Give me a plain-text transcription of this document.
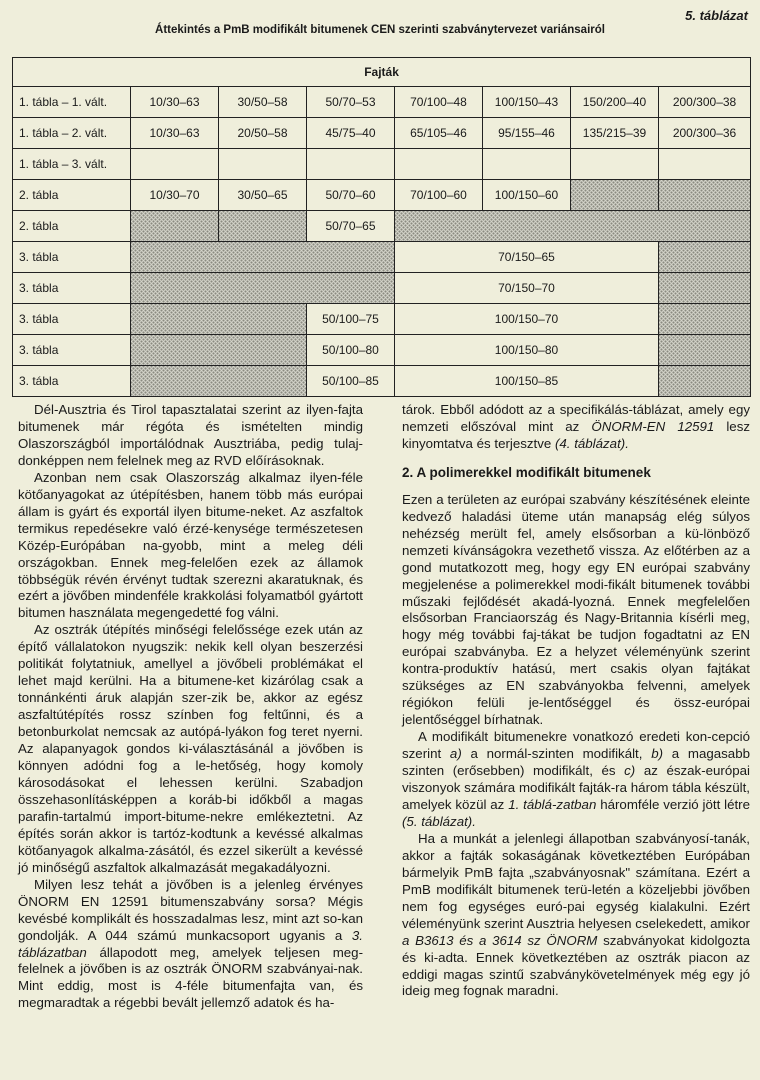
5. táblázat
Áttekintés a PmB modifikált bitumenek CEN szerinti szabványtervezet variánsairól
Fajták							
1. tábla – 1. vált.	10/30–63	30/50–58	50/70–53	70/100–48	100/150–43	150/200–40	200/300–38
1. tábla – 2. vált.	10/30–63	20/50–58	45/75–40	65/105–46	95/155–46	135/215–39	200/300–36
1. tábla – 3. vált.							
2. tábla	10/30–70	30/50–65	50/70–60	70/100–60	100/150–60		
2. tábla			50/70–65				
3. tábla				70/150–65			
3. tábla				70/150–70			
3. tábla			50/100–75	100/150–70			
3. tábla			50/100–80	100/150–80			
3. tábla			50/100–85	100/150–85			

Dél-Ausztria és Tirol tapasztalatai szerint az ilyen-fajta bitumenek már régóta és ismételten mindig Olaszországból importálódnak Ausztriába, pedig tulaj-donképpen nem felelnek meg az RVD előírásoknak.

Azonban nem csak Olaszország alkalmaz ilyen-féle kötőanyagokat az útépítésben, hanem több más európai állam is gyárt és exportál ilyen bitume-neket. Az aszfaltok termikus repedésekre való érzé-kenysége természetesen Közép-Európában na-gyobb, mint a meleg déli országokban. Ennek meg-felelően ezek az államok többségük révén érvényt tudtak szerezni akaratuknak, és ezért a jövőben mindenféle krakkolási folyamatból gyártott bitumen használata megengedetté fog válni.

Az osztrák útépítés minőségi felelőssége ezek után az építő vállalatokon nyugszik: nekik kell olyan beszerzési politikát folytatniuk, amellyel a jövőbeli problémákat el lehet majd kerülni. Ha a bitumene-ket kizárólag csak a tonnánkénti áruk alapján szer-zik be, akkor az egész aszfaltútépítés rossz színben fog feltűnni, és a betonburkolat nemcsak az autópá-lyákon fog teret nyerni. Az alapanyagok gondos ki-választásánál a jövőben is könnyen adódni fog a le-hetőség, hogy komoly károsodásokat el lehessen kerülni. Szabadjon összehasonlításképpen a koráb-bi időkből a magas parafin-tartalmú import-bitume-nekre emlékeztetni. Az építés során akkor is tartóz-kodtunk a kevéssé alkalmas kötőanyagok alkalma-zásától, és ezzel sikerült a kevéssé jó minőségű aszfaltok alkalmazását megakadályozni.

Milyen lesz tehát a jövőben is a jelenleg érvényes ÖNORM EN 12591 bitumenszabvány sorsa? Mégis kevésbé komplikált és hosszadalmas lesz, mint azt so-kan gondolják. A 044 számú munkacsoport ugyanis a 3. táblázatban állapodott meg, amelyek teljesen meg-felelnek a jövőben is az osztrák ÖNORM szabványai-nak. Mint eddig, most is 4-féle bitumenfajta van, és megmaradtak a régebbi bevált jellemző adatok és ha-

tárok. Ebből adódott az a specifikálás-táblázat, amely egy nemzeti előszóval mint az ÖNORM-EN 12591 lesz kinyomtatva és terjesztve (4. táblázat).

2. A polimerekkel modifikált bitumenek

Ezen a területen az európai szabvány készítésének eleinte kedvező haladási üteme után manapság elég súlyos nehézség merült fel, amely elsősorban a kü-lönböző nemzeti kívánságokra vezethető vissza. Az előtérben az a gond mutatkozott meg, hogy egy EN európai szabvány megjelenése a polimerekkel modi-fikált bitumenek további műszaki fejlődését akadá-lyozná. Ennek megfelelően elsősorban Franciaország és Nagy-Britannia kísérli meg, hogy még további faj-tákat be tudjon fogadtatni az EN európai szabványba. Ez a helyzet véleményünk szerint kontra-produktív hatású, mert csakis olyan fajtákat szükséges az EN szabványokba felvenni, amelyek régiókon felüli je-lentőséggel és össz-európai jelentőséggel bírhatnak.

A modifikált bitumenekre vonatkozó eredeti kon-cepció szerint a) a normál-szinten modifikált, b) a magasabb szinten (erősebben) modifikált, és c) az észak-európai viszonyok számára modifikált fajták-ra három tábla készült, amelyek közül az 1. táblá-zatban háromféle verzió jött létre (5. táblázat).

Ha a munkát a jelenlegi állapotban szabványosí-tanák, akkor a fajták sokaságának következtében Európában bármelyik PmB fajta „szabványosnak" számítana. Ezért a PmB modifikált bitumenek terü-letén a közeljebbi jövőben nem fog egységes euró-pai egység kialakulni. Ezért véleményünk szerint Ausztria helyesen cselekedett, amikor a B3613 és a 3614 sz ÖNORM szabványokat kidolgozta és ki-adta. Ennek következtében az osztrák piacon az eddigi magas szintű szabványkövetelmények még egy jó ideig meg fognak maradni.
